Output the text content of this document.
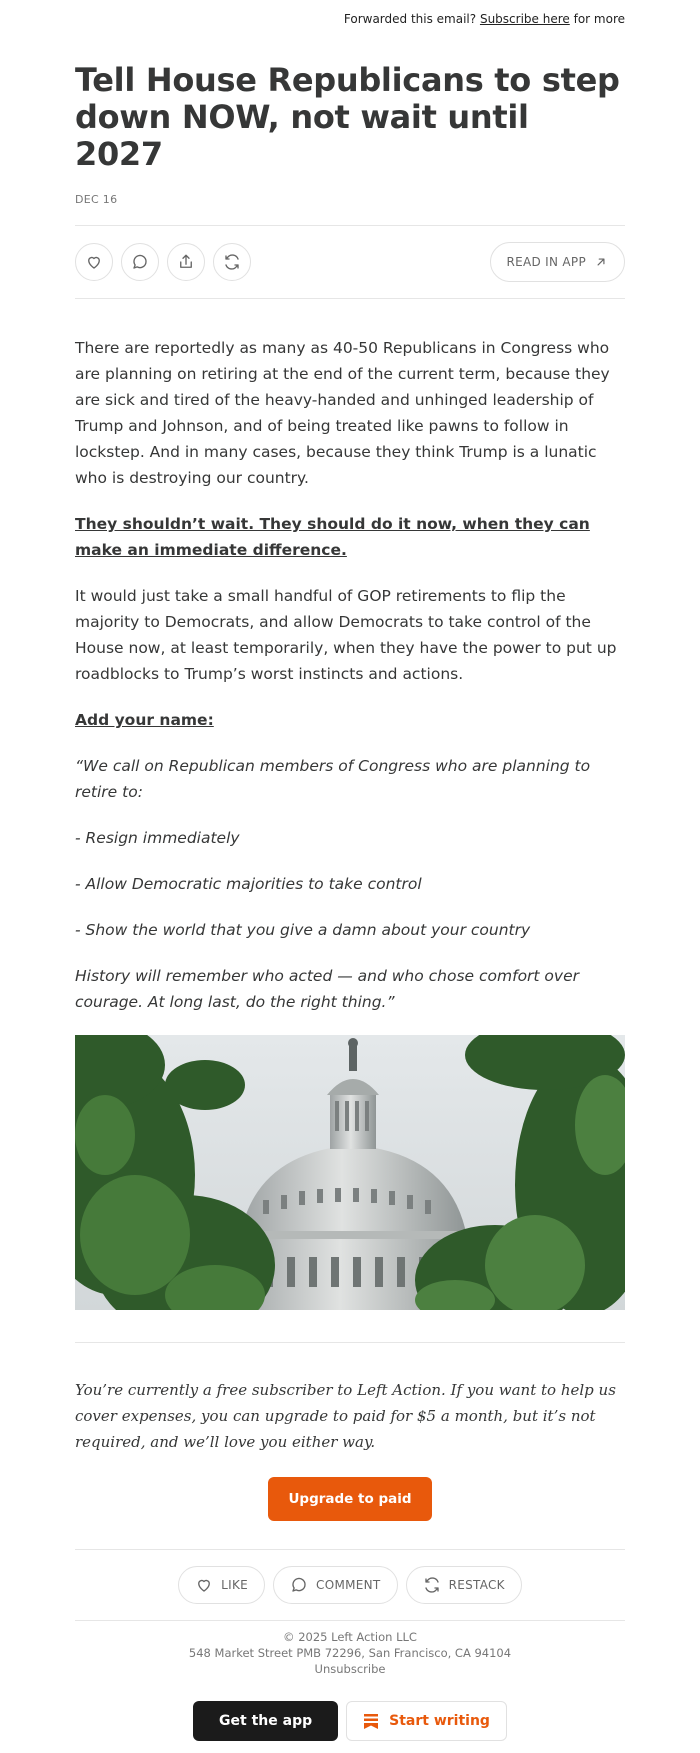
Forwarded this email? Subscribe here for more
Tell House Republicans to step down NOW, not wait until 2027
DEC 16
READ IN APP

There are reportedly as many as 40-50 Republicans in Congress who are planning on retiring at the end of the current term, because they are sick and tired of the heavy-handed and unhinged leadership of Trump and Johnson, and of being treated like pawns to follow in lockstep. And in many cases, because they think Trump is a lunatic who is destroying our country.

They shouldn’t wait. They should do it now, when they can make an immediate difference.

It would just take a small handful of GOP retirements to flip the majority to Democrats, and allow Democrats to take control of the House now, at least temporarily, when they have the power to put up roadblocks to Trump’s worst instincts and actions.

Add your name:

“We call on Republican members of Congress who are planning to retire to:

- Resign immediately

- Allow Democratic majorities to take control

- Show the world that you give a damn about your country

History will remember who acted — and who chose comfort over courage. At long last, do the right thing.”

You’re currently a free subscriber to Left Action. If you want to help us cover expenses, you can upgrade to paid for $5 a month, but it’s not required, and we’ll love you either way.

Upgrade to paid
LIKE	COMMENT	RESTACK
© 2025 Left Action LLC
548 Market Street PMB 72296, San Francisco, CA 94104
Unsubscribe
Get the app	Start writing
